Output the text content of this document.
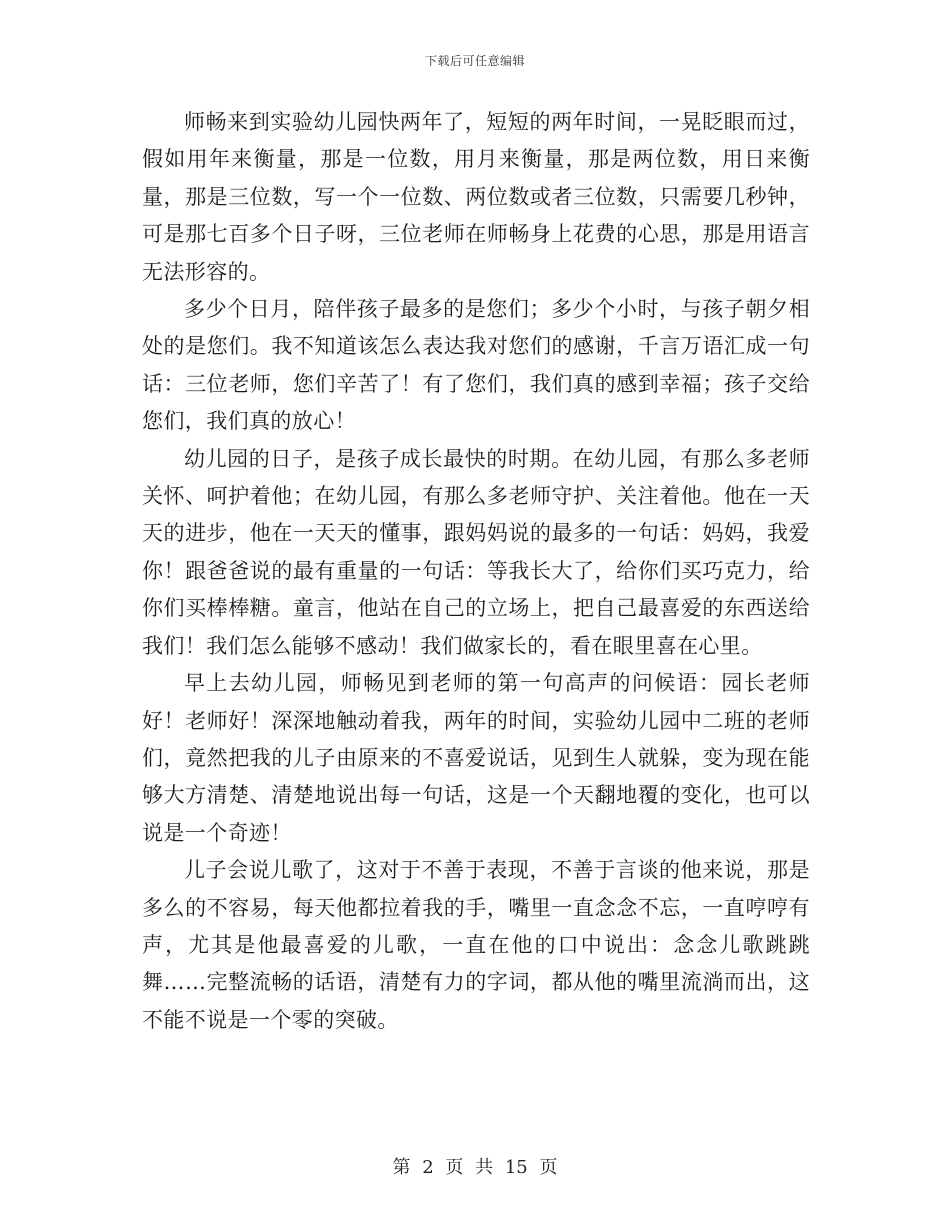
下载后可任意编辑

师畅来到实验幼儿园快两年了，短短的两年时间，一晃眨眼而过，假如用年来衡量，那是一位数，用月来衡量，那是两位数，用日来衡量，那是三位数，写一个一位数、两位数或者三位数，只需要几秒钟，可是那七百多个日子呀，三位老师在师畅身上花费的心思，那是用语言无法形容的。

多少个日月，陪伴孩子最多的是您们；多少个小时，与孩子朝夕相处的是您们。我不知道该怎么表达我对您们的感谢，千言万语汇成一句话：三位老师，您们辛苦了！有了您们，我们真的感到幸福；孩子交给您们，我们真的放心！

幼儿园的日子，是孩子成长最快的时期。在幼儿园，有那么多老师关怀、呵护着他；在幼儿园，有那么多老师守护、关注着他。他在一天天的进步，他在一天天的懂事，跟妈妈说的最多的一句话：妈妈，我爱你！跟爸爸说的最有重量的一句话：等我长大了，给你们买巧克力，给你们买棒棒糖。童言，他站在自己的立场上，把自己最喜爱的东西送给我们！我们怎么能够不感动！我们做家长的，看在眼里喜在心里。

早上去幼儿园，师畅见到老师的第一句高声的问候语：园长老师好！老师好！深深地触动着我，两年的时间，实验幼儿园中二班的老师们，竟然把我的儿子由原来的不喜爱说话，见到生人就躲，变为现在能够大方清楚、清楚地说出每一句话，这是一个天翻地覆的变化，也可以说是一个奇迹！

儿子会说儿歌了，这对于不善于表现，不善于言谈的他来说，那是多么的不容易，每天他都拉着我的手，嘴里一直念念不忘，一直哼哼有声，尤其是他最喜爱的儿歌，一直在他的口中说出：念念儿歌跳跳舞……完整流畅的话语，清楚有力的字词，都从他的嘴里流淌而出，这不能不说是一个零的突破。

第 2 页 共 15 页
